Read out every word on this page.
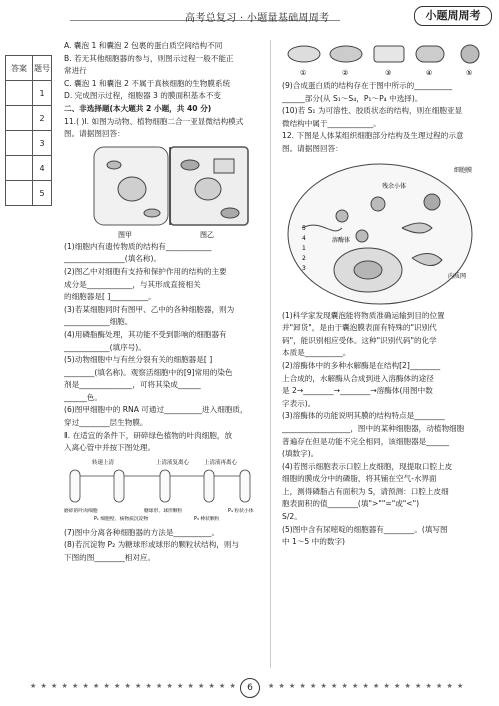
高考总复习 · 小题量基础周周考	小题周周考
答案	题号
	1
	2
	3
	4
	5
A. 囊泡 1 和囊泡 2 包裹的蛋白质空间结构不同
B. 若无其他细胞器的参与，则图示过程一般不能正
常进行
C. 囊泡 1 和囊泡 2 不属于真核细胞的生物膜系统
D. 完成图示过程，细胞器 3 的膜面积基本不变
二、非选择题(本大题共 2 小题，共 40 分)
11.( )Ⅰ. 如图为动物、植物细胞二合一亚显微结构模式
图。请据图回答：
图甲	图乙
(1)细胞内有遗传物质的结构有____________
________________(填名称)。
(2)图乙中对细胞有支持和保护作用的结构的主要
成分是____________，与其形成直接相关
的细胞器是[ ]__________。
(3)若某细胞同时有图甲、乙中的各种细胞器，则为
____________细胞。
(4)用磷脂酶处理，其功能不受到影响的细胞器有
____________(填序号)。
(5)动物细胞中与有丝分裂有关的细胞器是[ ]
________(填名称)。观察活细胞中的[9]常用的染色
剂是______________，可将其染成______
______色。
(6)图甲细胞中的 RNA 可通过__________进入细胞质，
穿过________层生物膜。
Ⅱ. 在适宜的条件下，研碎绿色植物的叶肉细胞，放
入离心管中并按下图处理。
转速上清	上清液复离心	上清液再离心
磨碎的叶肉细胞
P₁ 细胞壁、核物质沉淀物
糖球形、球形颗粒
P₃ 棒状颗粒
P₄ 粒状小体
(7)图中分离各种细胞器的方法是__________。
(8)若沉淀物 P₂ 为糖球形或球形的颗粒状结构，则与
下图的图________相对应。
①	②	③	④	⑤
(9)合成蛋白质的结构存在于图中所示的__________
______部分(从 S₁～S₄，P₁～P₄ 中选择)。
(10)若 S₁ 为可溶性、胶质状态的结构，则在细胞亚显
微结构中属于____________。
12. 下图是人体某组织细胞部分结构及生理过程的示意
图。请据图回答：
细胞膜
溶酶体
残余小体
内质网
1
2
3
4
5
(1)科学家发现囊泡能将物质准确运输到目的位置
并"卸货"，是由于囊泡膜表面有特殊的"识别代
码"，能识别相应受体。这种"识别代码"的化学
本质是__________。
(2)溶酶体中的多种水解酶是在结构[2]________
上合成的，水解酶从合成到进入溶酶体的途径
是 2→________→________→溶酶体(用图中数
字表示)。
(3)溶酶体的功能说明其膜的结构特点是________
__________________，图中的某种细胞器，动植物细胞
普遍存在但是功能不完全相同，该细胞器是______
(填数字)。
(4)若图示细胞表示口腔上皮细胞，现提取口腔上皮
细胞的膜成分中的磷脂，将其铺在空气-水界面
上，测得磷脂占有面积为 S，请预测：口腔上皮细
胞表面积的值________(填">""="或"<")
S/2。
(5)图中含有尿嘧啶的细胞器有________。(填写图
中 1～5 中的数字)
★ ★ ★ ★ ★ ★ ★ ★ ★ ★ ★ ★ ★ ★ ★ ★ ★ ★ ★ ★	6	★ ★ ★ ★ ★ ★ ★ ★ ★ ★ ★ ★ ★ ★ ★ ★ ★ ★ ★
